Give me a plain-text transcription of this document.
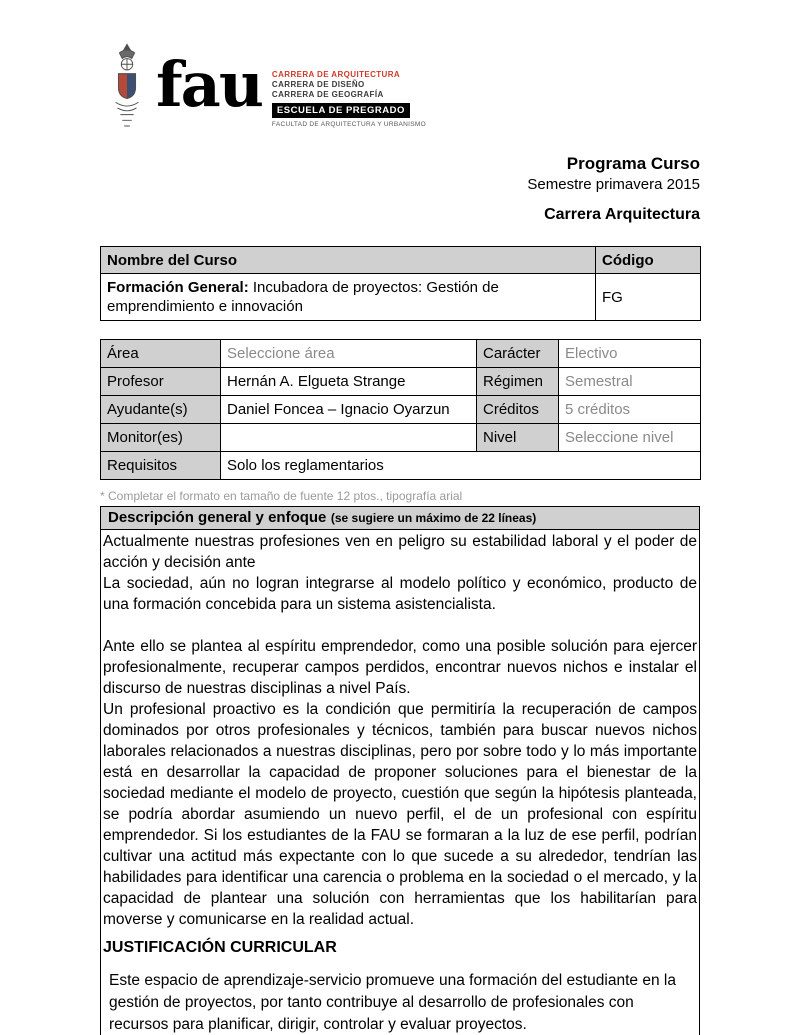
fau CARRERA DE ARQUITECTURA
CARRERA DE DISEÑO
CARRERA DE GEOGRAFÍA
ESCUELA DE PREGRADO
FACULTAD DE ARQUITECTURA Y URBANISMO
Programa Curso
Semestre primavera 2015
Carrera Arquitectura
Nombre del Curso	Código
Formación General: Incubadora de proyectos: Gestión de emprendimiento e innovación	FG
Área	Seleccione área	Carácter	Electivo
Profesor	Hernán A. Elgueta Strange	Régimen	Semestral
Ayudante(s)	Daniel Foncea – Ignacio Oyarzun	Créditos	5 créditos
Monitor(es)		Nivel	Seleccione nivel
Requisitos	Solo los reglamentarios		
* Completar el formato en tamaño de fuente 12 ptos., tipografía arial
Descripción general y enfoque (se sugiere un máximo de 22 líneas)

Actualmente nuestras profesiones ven en peligro su estabilidad laboral y el poder de acción y decisión ante

La sociedad, aún no logran integrarse al modelo político y económico, producto de una formación concebida para un sistema asistencialista.

Ante ello se plantea al espíritu emprendedor, como una posible solución para ejercer profesionalmente, recuperar campos perdidos, encontrar nuevos nichos e instalar el discurso de nuestras disciplinas a nivel País.

Un profesional proactivo es la condición que permitiría la recuperación de campos dominados por otros profesionales y técnicos, también para buscar nuevos nichos laborales relacionados a nuestras disciplinas, pero por sobre todo y lo más importante está en desarrollar la capacidad de proponer soluciones para el bienestar de la sociedad mediante el modelo de proyecto, cuestión que según la hipótesis planteada, se podría abordar asumiendo un nuevo perfil, el de un profesional con espíritu emprendedor. Si los estudiantes de la FAU se formaran a la luz de ese perfil, podrían cultivar una actitud más expectante con lo que sucede a su alrededor, tendrían las habilidades para identificar una carencia o problema en la sociedad o el mercado, y la capacidad de plantear una solución con herramientas que los habilitarían para moverse y comunicarse en la realidad actual.

JUSTIFICACIÓN CURRICULAR

Este espacio de aprendizaje-servicio promueve una formación del estudiante en la gestión de proyectos, por tanto contribuye al desarrollo de profesionales con recursos para planificar, dirigir, controlar y evaluar proyectos.
